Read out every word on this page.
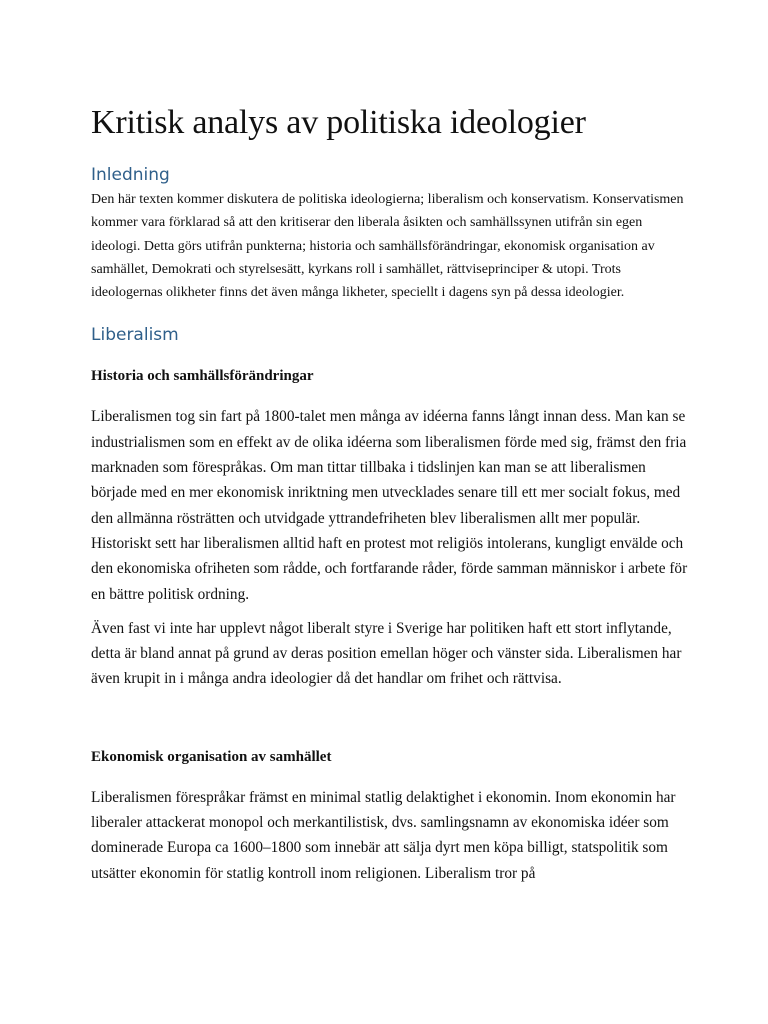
Kritisk analys av politiska ideologier
Inledning

Den här texten kommer diskutera de politiska ideologierna; liberalism och konservatism. Konservatismen kommer vara förklarad så att den kritiserar den liberala åsikten och samhällssynen utifrån sin egen ideologi. Detta görs utifrån punkterna; historia och samhällsförändringar, ekonomisk organisation av samhället, Demokrati och styrelsesätt, kyrkans roll i samhället, rättviseprinciper & utopi. Trots ideologernas olikheter finns det även många likheter, speciellt i dagens syn på dessa ideologier.

Liberalism
Historia och samhällsförändringar

Liberalismen tog sin fart på 1800-talet men många av idéerna fanns långt innan dess. Man kan se industrialismen som en effekt av de olika idéerna som liberalismen förde med sig, främst den fria marknaden som förespråkas. Om man tittar tillbaka i tidslinjen kan man se att liberalismen började med en mer ekonomisk inriktning men utvecklades senare till ett mer socialt fokus, med den allmänna rösträtten och utvidgade yttrandefriheten blev liberalismen allt mer populär. Historiskt sett har liberalismen alltid haft en protest mot religiös intolerans, kungligt envälde och den ekonomiska ofriheten som rådde, och fortfarande råder, förde samman människor i arbete för en bättre politisk ordning.

Även fast vi inte har upplevt något liberalt styre i Sverige har politiken haft ett stort inflytande, detta är bland annat på grund av deras position emellan höger och vänster sida. Liberalismen har även krupit in i många andra ideologier då det handlar om frihet och rättvisa.

Ekonomisk organisation av samhället

Liberalismen förespråkar främst en minimal statlig delaktighet i ekonomin. Inom ekonomin har liberaler attackerat monopol och merkantilistisk, dvs. samlingsnamn av ekonomiska idéer som dominerade Europa ca 1600–1800 som innebär att sälja dyrt men köpa billigt, statspolitik som utsätter ekonomin för statlig kontroll inom religionen. Liberalism tror på
